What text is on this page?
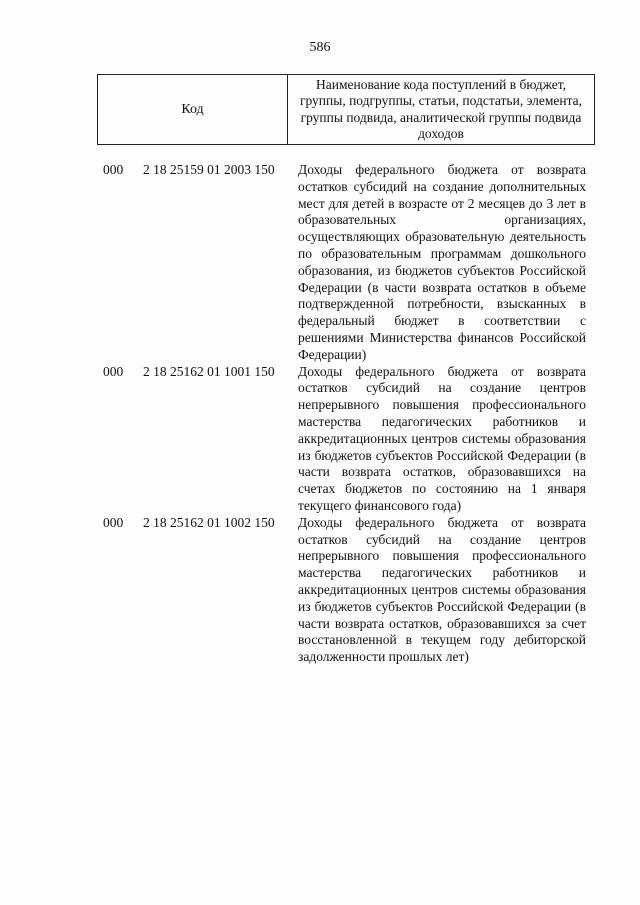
586
Код
Наименование кода поступлений в бюджет, группы, подгруппы, статьи, подстатьи, элемента, группы подвида, аналитической группы подвида доходов
000 2 18 25159 01 2003 150 Доходы федерального бюджета от возврата остатков субсидий на создание дополнительных мест для детей в возрасте от 2 месяцев до 3 лет в образовательных организациях, осуществляющих образовательную деятельность по образовательным программам дошкольного образования, из бюджетов субъектов Российской Федерации (в части возврата остатков в объеме подтвержденной потребности, взысканных в федеральный бюджет в соответствии с решениями Министерства финансов Российской Федерации)
000 2 18 25162 01 1001 150 Доходы федерального бюджета от возврата остатков субсидий на создание центров непрерывного повышения профессионального мастерства педагогических работников и аккредитационных центров системы образования из бюджетов субъектов Российской Федерации (в части возврата остатков, образовавшихся на счетах бюджетов по состоянию на 1 января текущего финансового года)
000 2 18 25162 01 1002 150 Доходы федерального бюджета от возврата остатков субсидий на создание центров непрерывного повышения профессионального мастерства педагогических работников и аккредитационных центров системы образования из бюджетов субъектов Российской Федерации (в части возврата остатков, образовавшихся за счет восстановленной в текущем году дебиторской задолженности прошлых лет)
